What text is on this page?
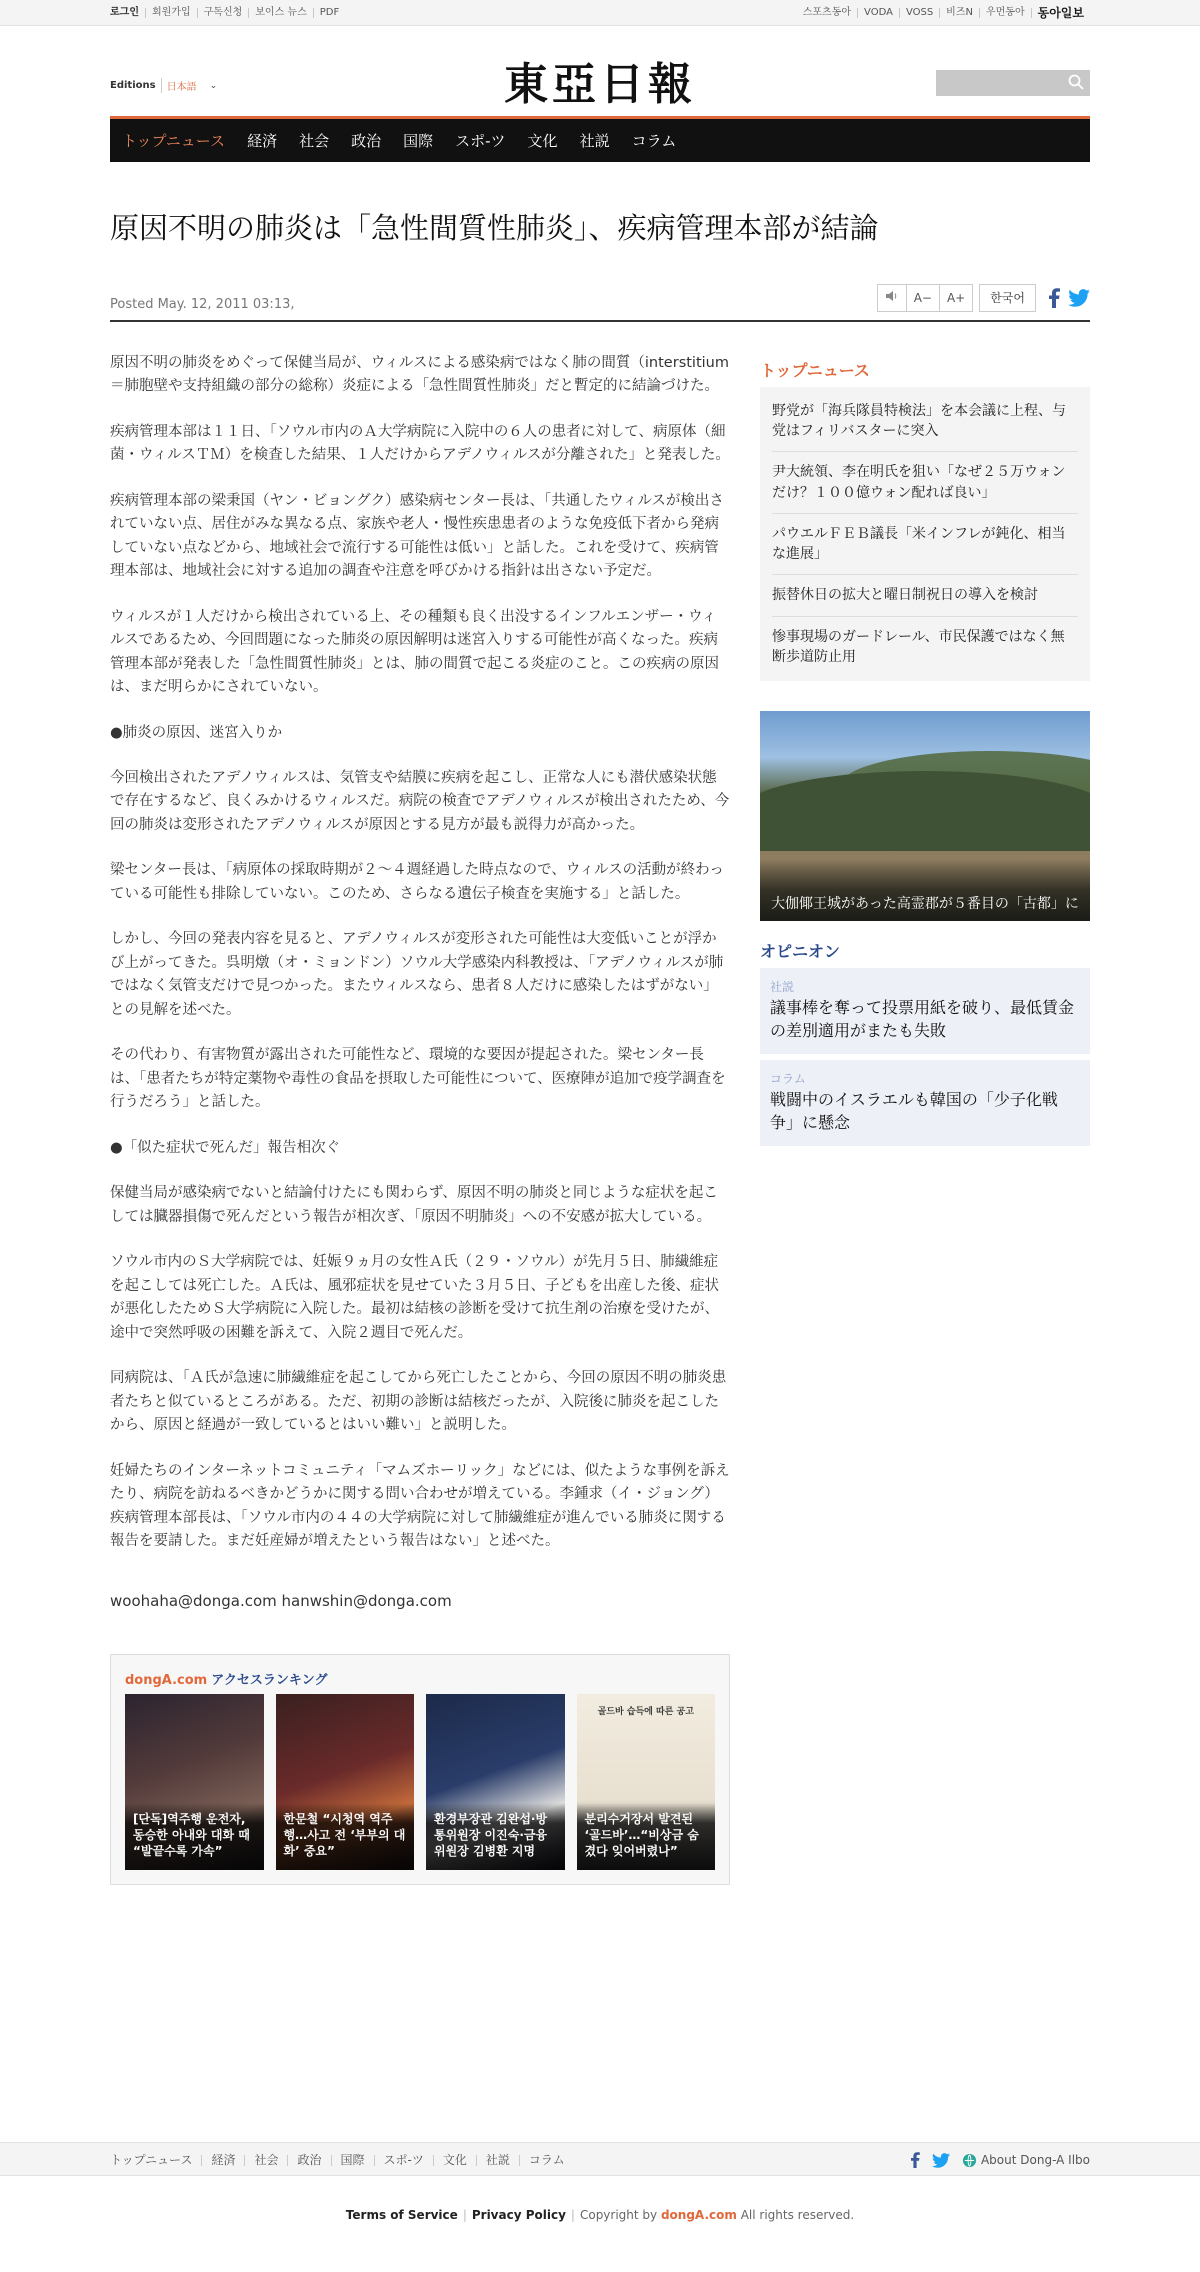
로그인	회원가입	구독신청	보이스 뉴스	PDF	스포츠동아	VODA	VOSS	비즈N	우먼동아	동아일보
Editions	日本語 ⌄	東亞日報
トップニュース 経済 社会 政治 国際 スポ-ツ 文化 社説 コラム
原因不明の肺炎は「急性間質性肺炎」、疾病管理本部が結論
Posted May. 12, 2011 03:13,	A−	A+	한국어

原因不明の肺炎をめぐって保健当局が、ウィルスによる感染病ではなく肺の間質（interstitium＝肺胞壁や支持組織の部分の総称）炎症による「急性間質性肺炎」だと暫定的に結論づけた。

疾病管理本部は１１日、「ソウル市内のＡ大学病院に入院中の６人の患者に対して、病原体（細菌・ウィルスＴＭ）を検査した結果、１人だけからアデノウィルスが分離された」と発表した。

疾病管理本部の梁秉国（ヤン・ビョングク）感染病センター長は、「共通したウィルスが検出されていない点、居住がみな異なる点、家族や老人・慢性疾患患者のような免疫低下者から発病していない点などから、地域社会で流行する可能性は低い」と話した。これを受けて、疾病管理本部は、地域社会に対する追加の調査や注意を呼びかける指針は出さない予定だ。

ウィルスが１人だけから検出されている上、その種類も良く出没するインフルエンザー・ウィルスであるため、今回問題になった肺炎の原因解明は迷宮入りする可能性が高くなった。疾病管理本部が発表した「急性間質性肺炎」とは、肺の間質で起こる炎症のこと。この疾病の原因は、まだ明らかにされていない。

●肺炎の原因、迷宮入りか

今回検出されたアデノウィルスは、気管支や結膜に疾病を起こし、正常な人にも潜伏感染状態で存在するなど、良くみかけるウィルスだ。病院の検査でアデノウィルスが検出されたため、今回の肺炎は変形されたアデノウィルスが原因とする見方が最も説得力が高かった。

梁センター長は、「病原体の採取時期が２～４週経過した時点なので、ウィルスの活動が終わっている可能性も排除していない。このため、さらなる遺伝子検査を実施する」と話した。

しかし、今回の発表内容を見ると、アデノウィルスが変形された可能性は大変低いことが浮かび上がってきた。呉明燉（オ・ミョンドン）ソウル大学感染内科教授は、「アデノウィルスが肺ではなく気管支だけで見つかった。またウィルスなら、患者８人だけに感染したはずがない」との見解を述べた。

その代わり、有害物質が露出された可能性など、環境的な要因が提起された。梁センター長は、「患者たちが特定薬物や毒性の食品を摂取した可能性について、医療陣が追加で疫学調査を行うだろう」と話した。

●「似た症状で死んだ」報告相次ぐ

保健当局が感染病でないと結論付けたにも関わらず、原因不明の肺炎と同じような症状を起こしては臓器損傷で死んだという報告が相次ぎ、「原因不明肺炎」への不安感が拡大している。

ソウル市内のＳ大学病院では、妊娠９ヵ月の女性Ａ氏（２９・ソウル）が先月５日、肺繊維症を起こしては死亡した。Ａ氏は、風邪症状を見せていた３月５日、子どもを出産した後、症状が悪化したためＳ大学病院に入院した。最初は結核の診断を受けて抗生剤の治療を受けたが、途中で突然呼吸の困難を訴えて、入院２週目で死んだ。

同病院は、「Ａ氏が急速に肺繊維症を起こしてから死亡したことから、今回の原因不明の肺炎患者たちと似ているところがある。ただ、初期の診断は結核だったが、入院後に肺炎を起こしたから、原因と経過が一致しているとはいい難い」と説明した。

妊婦たちのインターネットコミュニティ「マムズホーリック」などには、似たような事例を訴えたり、病院を訪ねるべきかどうかに関する問い合わせが増えている。李鍾求（イ・ジョング）疾病管理本部長は、「ソウル市内の４４の大学病院に対して肺繊維症が進んでいる肺炎に関する報告を要請した。まだ妊産婦が増えたという報告はない」と述べた。

woohaha@donga.com hanwshin@donga.com
dongA.com アクセスランキング
[단독]역주행 운전자, 동승한 아내와 대화 때 “발끝수록 가속”
한문철 “시청역 역주행…사고 전 ‘부부의 대화’ 중요”
환경부장관 김완섭·방통위원장 이진숙·금융위원장 김병환 지명
골드바 습득에 따른 공고
분리수거장서 발견된 ‘골드바’…“비상금 숨겼다 잊어버렸나”
トップニュース
野党が「海兵隊員特検法」を本会議に上程、与党はフィリバスターに突入
尹大統領、李在明氏を狙い「なぜ２５万ウォンだけ？１００億ウォン配れば良い」
パウエルＦＥＢ議長「米インフレが鈍化、相当な進展」
振替休日の拡大と曜日制祝日の導入を検討
惨事現場のガードレール、市民保護ではなく無断歩道防止用
大伽倻王城があった高霊郡が５番目の「古都」に
オピニオン
社説
議事棒を奪って投票用紙を破り、最低賃金の差別適用がまたも失敗
コラム
戦闘中のイスラエルも韓国の「少子化戦争」に懸念
トップニュース	経済	社会	政治	国際	スポ-ツ	文化	社説	コラム	About Dong-A Ilbo
Terms of Service | Privacy Policy | Copyright by dongA.com All rights reserved.
